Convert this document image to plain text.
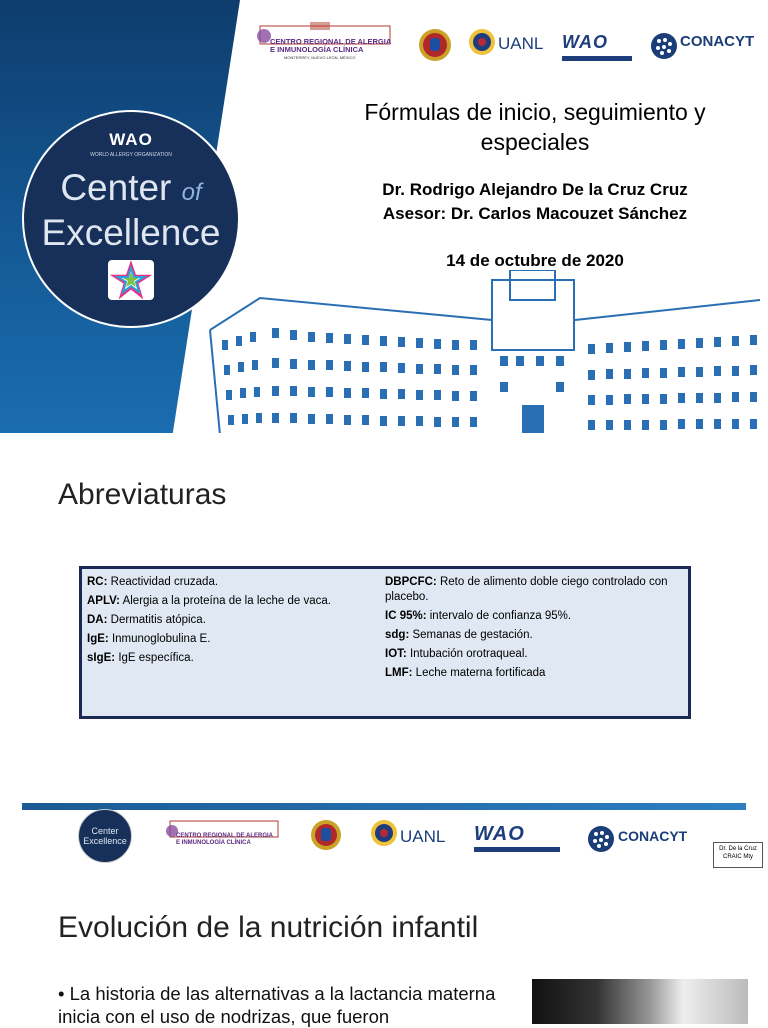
WAO
WORLD ALLERGY ORGANIZATION
Center of
Excellence
CENTRO REGIONAL DE ALERGIA
E INMUNOLOGÍA CLÍNICA
MONTERREY, NUEVO LEÓN, MÉXICO
UANL WAO	CONACYT
Fórmulas de inicio, seguimiento y especiales
Dr. Rodrigo Alejandro De la Cruz Cruz
Asesor: Dr. Carlos Macouzet Sánchez
14 de octubre de 2020
Abreviaturas

RC: Reactividad cruzada.

APLV: Alergia a la proteína de la leche de vaca.

DA: Dermatitis atópica.

IgE: Inmunoglobulina E.

sIgE: IgE específica.

DBPCFC: Reto de alimento doble ciego controlado con placebo.

IC 95%: intervalo de confianza 95%.

sdg: Semanas de gestación.

IOT: Intubación orotraqueal.

LMF: Leche materna fortificada

Center
Excellence	CENTRO REGIONAL DE ALERGIA
E INMUNOLOGÍA CLÍNICA	UANL WAO	CONACYT
Dr. De la Cruz
CRAIC Mty
Evolución de la nutrición infantil
• La historia de las alternativas a la lactancia materna inicia con el uso de nodrizas, que fueron
